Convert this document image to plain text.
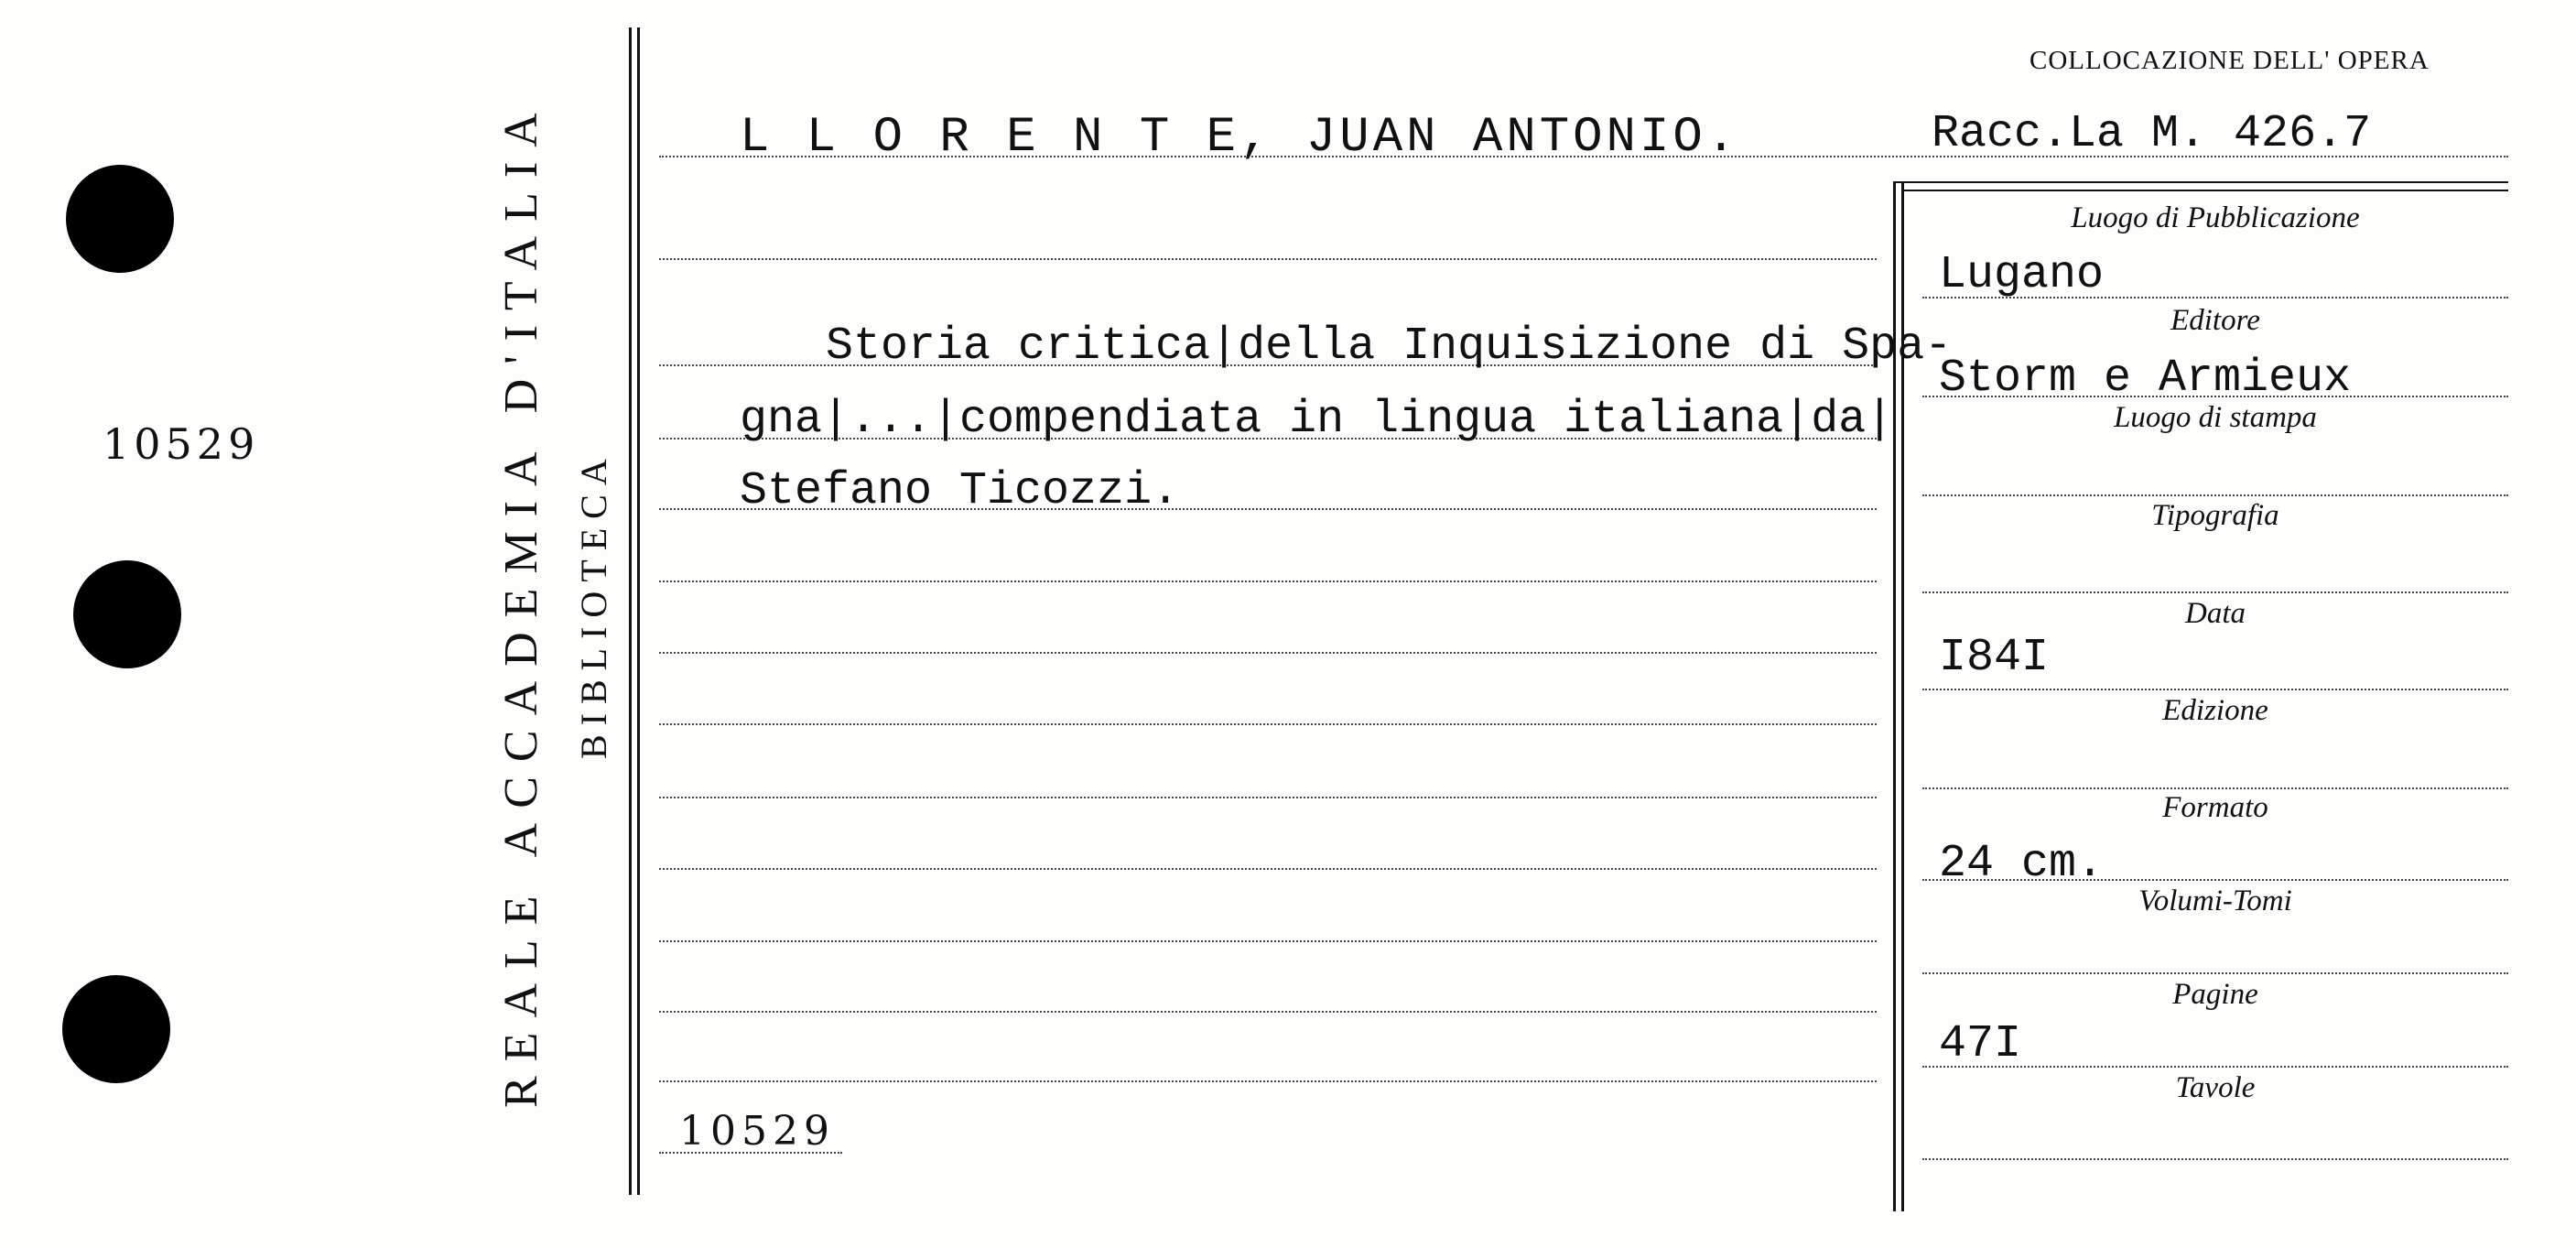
10529	REALE ACCADEMIA D'ITALIA BIBLIOTECA
COLLOCAZIONE DELL' OPERA
Racc.La M. 426.7
L L O R E N T E, JUAN ANTONIO.
Storia critica|della Inquisizione di Spa-
gna|...|compendiata in lingua italiana|da|
Stefano Ticozzi.
10529
Luogo di Pubblicazione
Lugano
Editore
Storm e Armieux
Luogo di stampa
Tipografia
Data
I84I
Edizione
Formato
24 cm.
Volumi-Tomi
Pagine
47I
Tavole
